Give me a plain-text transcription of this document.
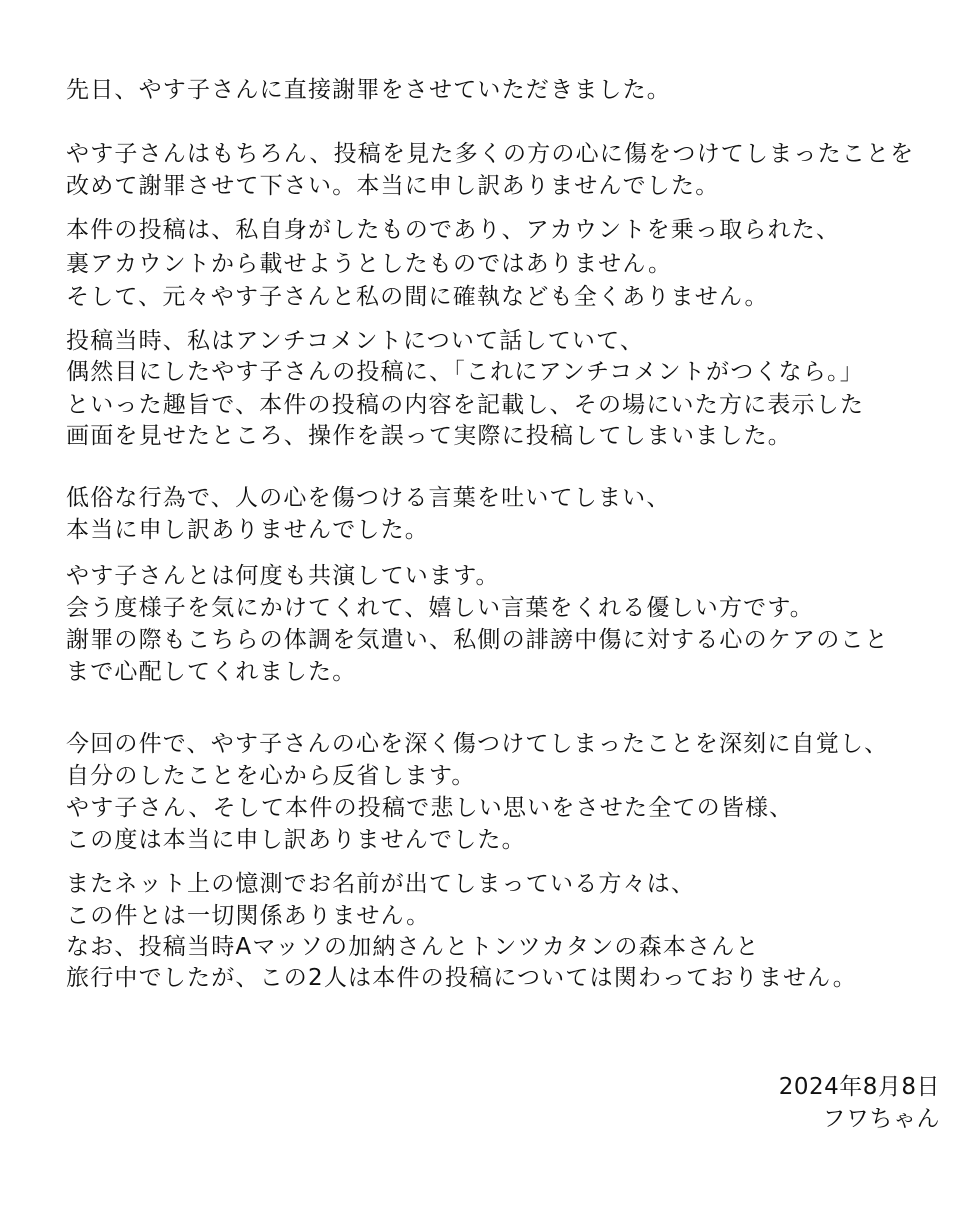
先日、やす子さんに直接謝罪をさせていただきました。
やす子さんはもちろん、投稿を見た多くの方の心に傷をつけてしまったことを
改めて謝罪させて下さい。本当に申し訳ありませんでした。
本件の投稿は、私自身がしたものであり、アカウントを乗っ取られた、
裏アカウントから載せようとしたものではありません。
そして、元々やす子さんと私の間に確執なども全くありません。
投稿当時、私はアンチコメントについて話していて、
偶然目にしたやす子さんの投稿に、「これにアンチコメントがつくなら。」
といった趣旨で、本件の投稿の内容を記載し、その場にいた方に表示した
画面を見せたところ、操作を誤って実際に投稿してしまいました。
低俗な行為で、人の心を傷つける言葉を吐いてしまい、
本当に申し訳ありませんでした。
やす子さんとは何度も共演しています。
会う度様子を気にかけてくれて、嬉しい言葉をくれる優しい方です。
謝罪の際もこちらの体調を気遣い、私側の誹謗中傷に対する心のケアのこと
まで心配してくれました。
今回の件で、やす子さんの心を深く傷つけてしまったことを深刻に自覚し、
自分のしたことを心から反省します。
やす子さん、そして本件の投稿で悲しい思いをさせた全ての皆様、
この度は本当に申し訳ありませんでした。
またネット上の憶測でお名前が出てしまっている方々は、
この件とは一切関係ありません。
なお、投稿当時Aマッソの加納さんとトンツカタンの森本さんと
旅行中でしたが、この2人は本件の投稿については関わっておりません。
2024年8月8日
フワちゃん
